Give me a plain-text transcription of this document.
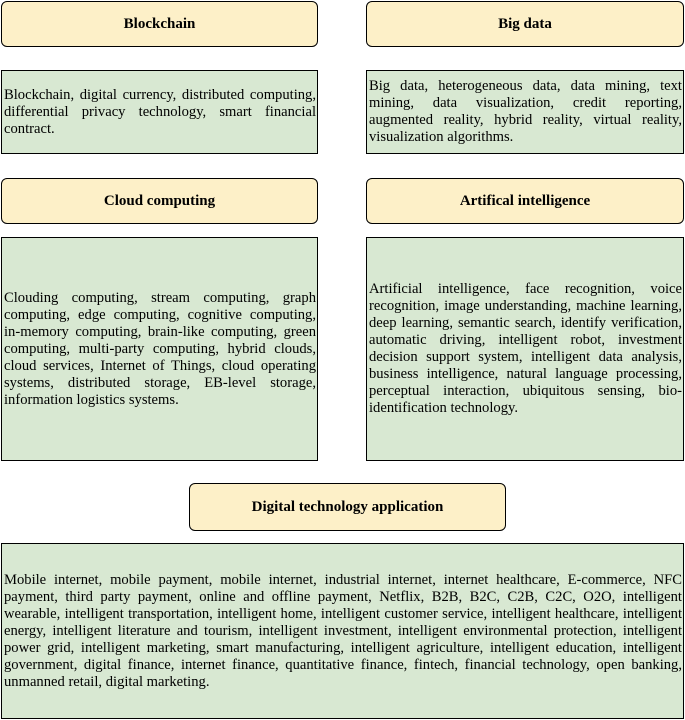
Blockchain	Big data
Blockchain, digital currency, distributed computing, differential privacy technology, smart financial contract.
Big data, heterogeneous data, data mining, text mining, data visualization, credit reporting, augmented reality, hybrid reality, virtual reality, visualization algorithms.
Cloud computing	Artifical intelligence
Clouding computing, stream computing, graph computing, edge computing, cognitive computing, in-memory computing, brain-like computing, green computing, multi-party computing, hybrid clouds, cloud services, Internet of Things, cloud operating systems, distributed storage, EB-level storage, information logistics systems.
Artificial intelligence, face recognition, voice recognition, image understanding, machine learning, deep learning, semantic search, identify verification, automatic driving, intelligent robot, investment decision support system, intelligent data analysis, business intelligence, natural language processing, perceptual interaction, ubiquitous sensing, bio-identification technology.
Digital technology application
Mobile internet, mobile payment, mobile internet, industrial internet, internet healthcare, E-commerce, NFC payment, third party payment, online and offline payment, Netflix, B2B, B2C, C2B, C2C, O2O, intelligent wearable, intelligent transportation, intelligent home, intelligent customer service, intelligent healthcare, intelligent energy, intelligent literature and tourism, intelligent investment, intelligent environmental protection, intelligent power grid, intelligent marketing, smart manufacturing, intelligent agriculture, intelligent education, intelligent government, digital finance, internet finance, quantitative finance, fintech, financial technology, open banking, unmanned retail, digital marketing.
